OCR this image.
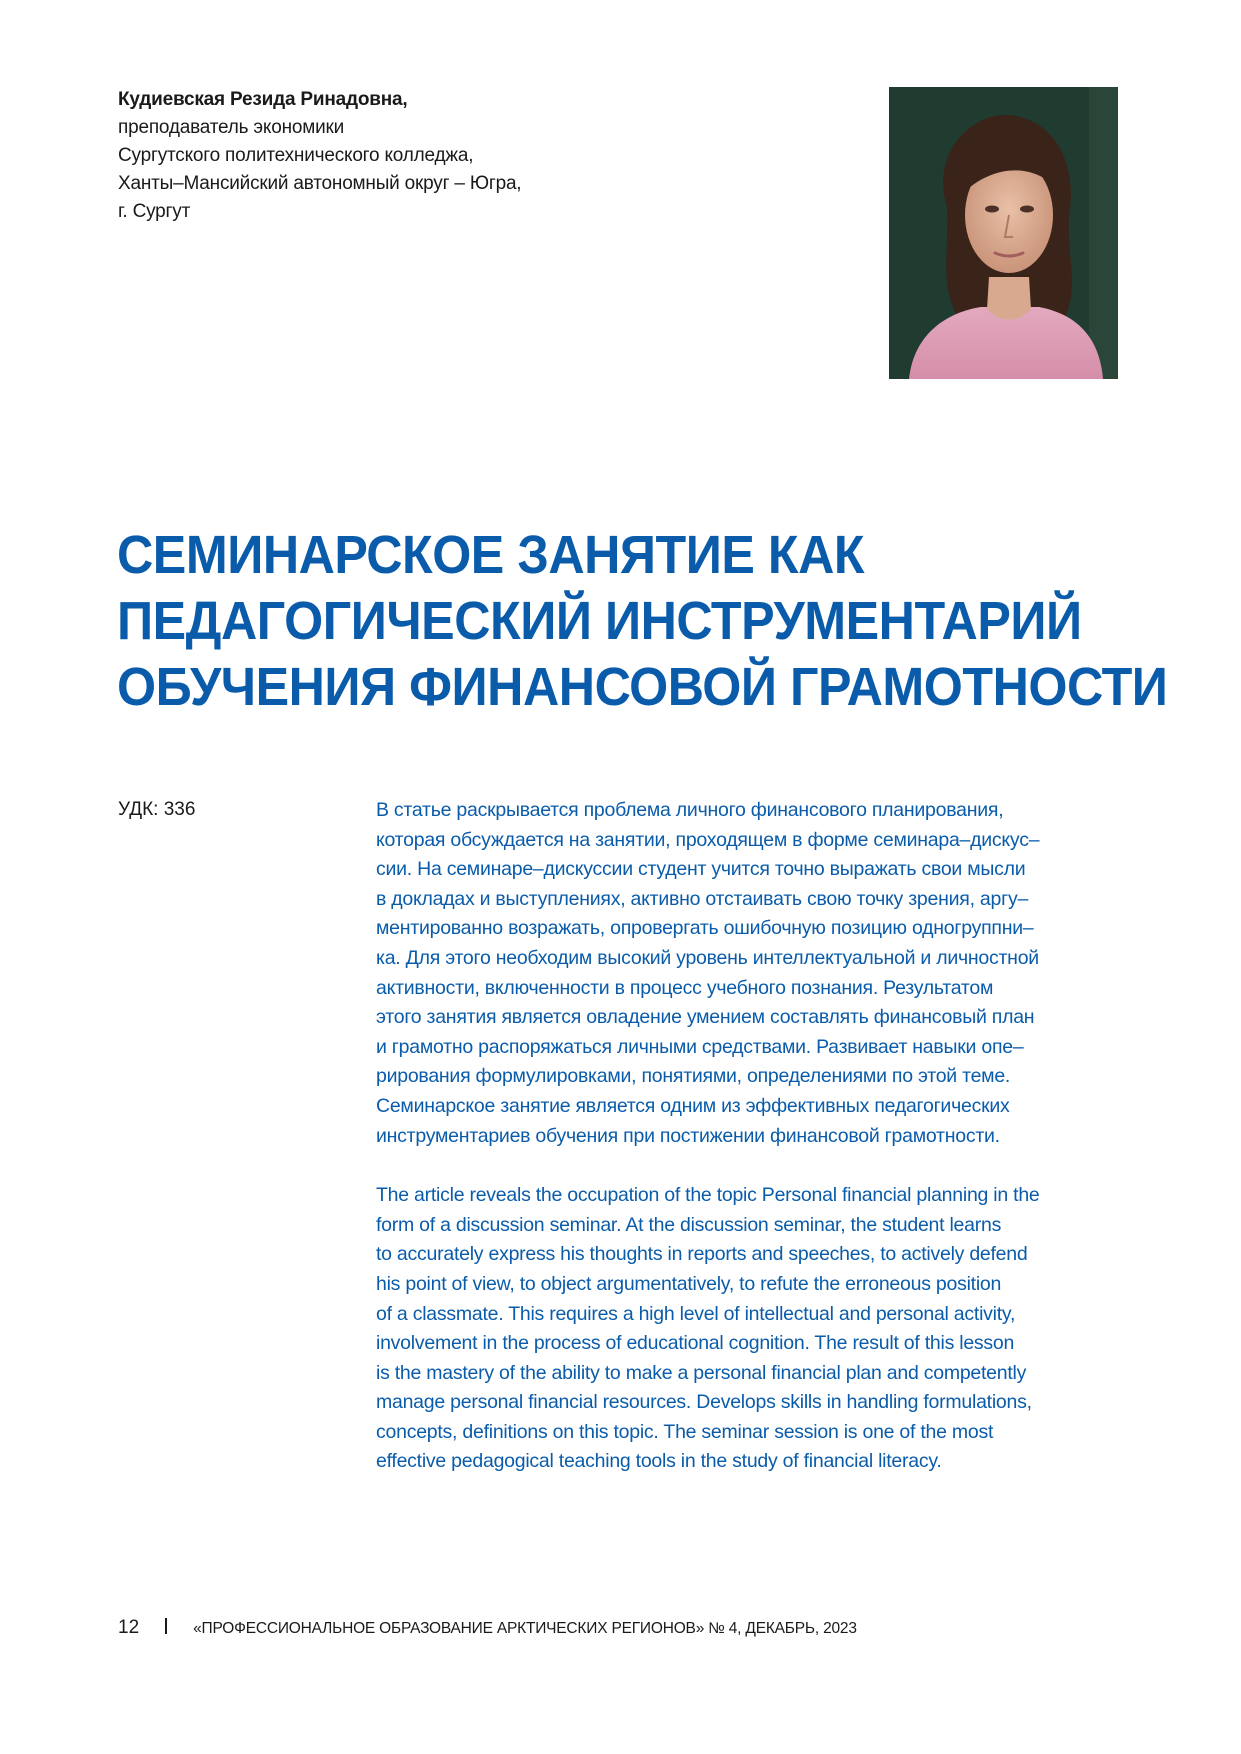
Кудиевская Резида Ринадовна,
преподаватель экономики
Сургутского политехнического колледжа,
Ханты–Мансийский автономный округ – Югра,
г. Сургут
СЕМИНАРСКОЕ ЗАНЯТИЕ КАК
ПЕДАГОГИЧЕСКИЙ ИНСТРУМЕНТАРИЙ
ОБУЧЕНИЯ ФИНАНСОВОЙ ГРАМОТНОСТИ
УДК: 336	В статье раскрывается проблема личного финансового планирования,
которая обсуждается на занятии, проходящем в форме семинара–дискус–
сии. На семинаре–дискуссии студент учится точно выражать свои мысли
в докладах и выступлениях, активно отстаивать свою точку зрения, аргу–
ментированно возражать, опровергать ошибочную позицию одногруппни–
ка. Для этого необходим высокий уровень интеллектуальной и личностной
активности, включенности в процесс учебного познания. Результатом
этого занятия является овладение умением составлять финансовый план
и грамотно распоряжаться личными средствами. Развивает навыки опе–
рирования формулировками, понятиями, определениями по этой теме.
Семинарское занятие является одним из эффективных педагогических
инструментариев обучения при постижении финансовой грамотности.
The article reveals the occupation of the topic Personal financial planning in the
form of a discussion seminar. At the discussion seminar, the student learns
to accurately express his thoughts in reports and speeches, to actively defend
his point of view, to object argumentatively, to refute the erroneous position
of a classmate. This requires a high level of intellectual and personal activity,
involvement in the process of educational cognition. The result of this lesson
is the mastery of the ability to make a personal financial plan and competently
manage personal financial resources. Develops skills in handling formulations,
concepts, definitions on this topic. The seminar session is one of the most
effective pedagogical teaching tools in the study of financial literacy.
12	«ПРОФЕССИОНАЛЬНОЕ ОБРАЗОВАНИЕ АРКТИЧЕСКИХ РЕГИОНОВ» № 4, ДЕКАБРЬ, 2023
